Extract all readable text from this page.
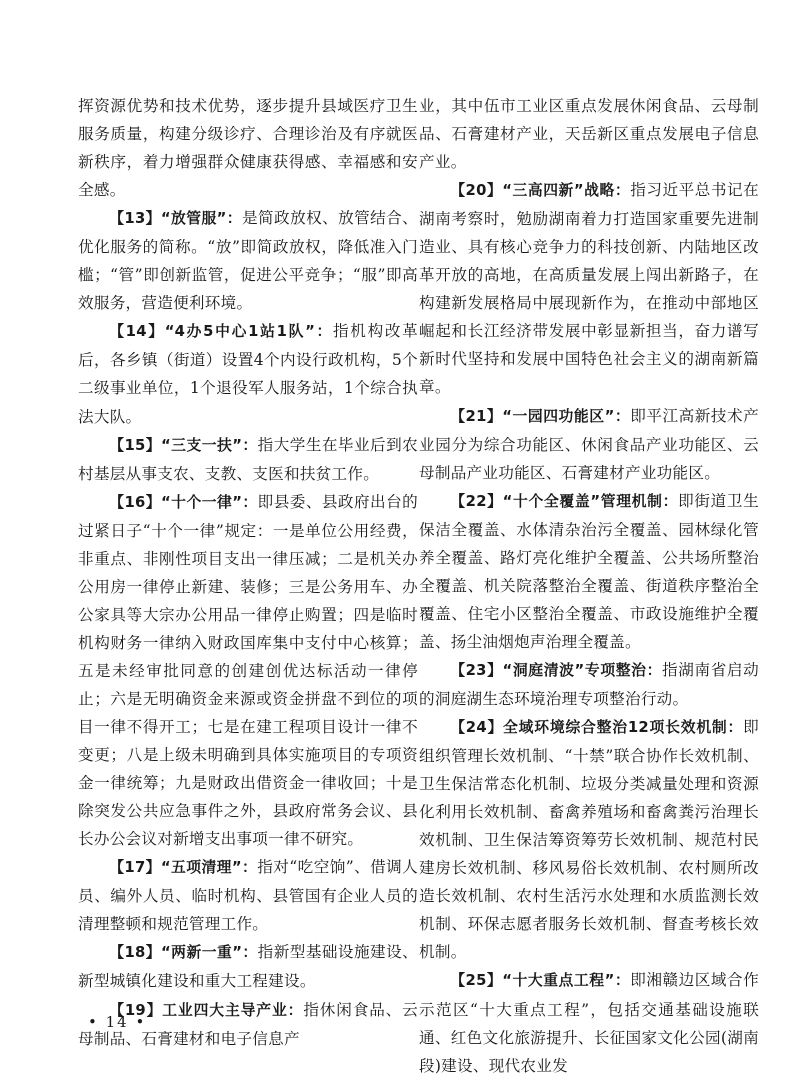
挥资源优势和技术优势，逐步提升县域医疗卫生服务质量，构建分级诊疗、合理诊治及有序就医新秩序，着力增强群众健康获得感、幸福感和安全感。

【13】“放管服”：是简政放权、放管结合、优化服务的简称。“放”即简政放权，降低准入门槛；“管”即创新监管，促进公平竞争；“服”即高效服务，营造便利环境。

【14】“4办5中心1站1队”：指机构改革后，各乡镇（街道）设置4个内设行政机构，5个二级事业单位，1个退役军人服务站，1个综合执法大队。

【15】“三支一扶”：指大学生在毕业后到农村基层从事支农、支教、支医和扶贫工作。

【16】“十个一律”：即县委、县政府出台的过紧日子“十个一律”规定：一是单位公用经费，非重点、非刚性项目支出一律压减；二是机关办公用房一律停止新建、装修；三是公务用车、办公家具等大宗办公用品一律停止购置；四是临时机构财务一律纳入财政国库集中支付中心核算；五是未经审批同意的创建创优达标活动一律停止；六是无明确资金来源或资金拼盘不到位的项目一律不得开工；七是在建工程项目设计一律不变更；八是上级未明确到具体实施项目的专项资金一律统筹；九是财政出借资金一律收回；十是除突发公共应急事件之外，县政府常务会议、县长办公会议对新增支出事项一律不研究。

【17】“五项清理”：指对“吃空饷”、借调人员、编外人员、临时机构、县管国有企业人员的清理整顿和规范管理工作。

【18】“两新一重”：指新型基础设施建设、新型城镇化建设和重大工程建设。

【19】工业四大主导产业：指休闲食品、云母制品、石膏建材和电子信息产

业，其中伍市工业区重点发展休闲食品、云母制品、石膏建材产业，天岳新区重点发展电子信息产业。

【20】“三高四新”战略：指习近平总书记在湖南考察时，勉励湖南着力打造国家重要先进制造业、具有核心竞争力的科技创新、内陆地区改革开放的高地，在高质量发展上闯出新路子，在构建新发展格局中展现新作为，在推动中部地区崛起和长江经济带发展中彰显新担当，奋力谱写新时代坚持和发展中国特色社会主义的湖南新篇章。

【21】“一园四功能区”：即平江高新技术产业园分为综合功能区、休闲食品产业功能区、云母制品产业功能区、石膏建材产业功能区。

【22】“十个全覆盖”管理机制：即街道卫生保洁全覆盖、水体清杂治污全覆盖、园林绿化管养全覆盖、路灯亮化维护全覆盖、公共场所整治全覆盖、机关院落整治全覆盖、街道秩序整治全覆盖、住宅小区整治全覆盖、市政设施维护全覆盖、扬尘油烟炮声治理全覆盖。

【23】“洞庭清波”专项整治：指湖南省启动的洞庭湖生态环境治理专项整治行动。

【24】全域环境综合整治12项长效机制：即组织管理长效机制、“十禁”联合协作长效机制、卫生保洁常态化机制、垃圾分类减量处理和资源化利用长效机制、畜禽养殖场和畜禽粪污治理长效机制、卫生保洁筹资筹劳长效机制、规范村民建房长效机制、移风易俗长效机制、农村厕所改造长效机制、农村生活污水处理和水质监测长效机制、环保志愿者服务长效机制、督查考核长效机制。

【25】“十大重点工程”：即湘赣边区域合作示范区“十大重点工程”，包括交通基础设施联通、红色文化旅游提升、长征国家文化公园(湖南段)建设、现代农业发

• 14 •
